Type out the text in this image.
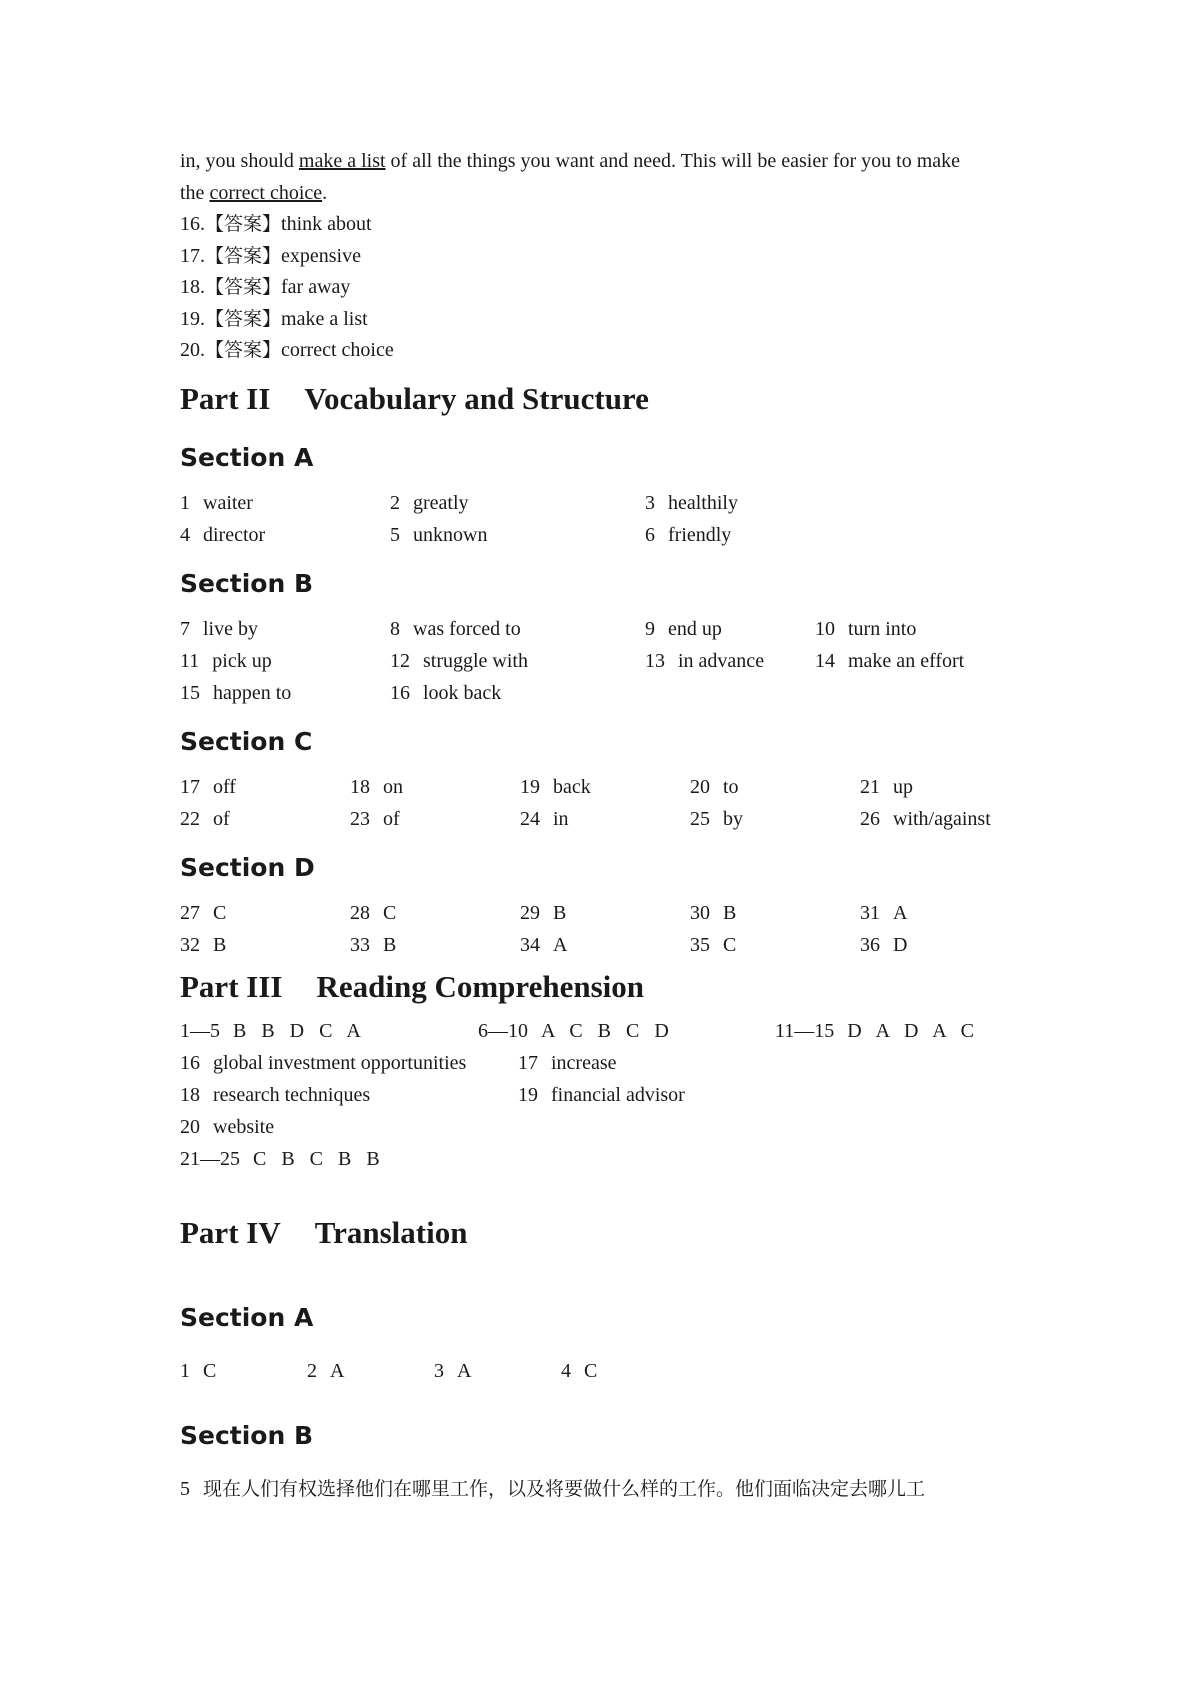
in, you should make a list of all the things you want and need. This will be easier for you to make
the correct choice.
16.【答案】think about
17.【答案】expensive
18.【答案】far away
19.【答案】make a list
20.【答案】correct choice
Part II Vocabulary and Structure
Section A
1 waiter	2 greatly	3 healthily
4 director	5 unknown	6 friendly
Section B
7 live by	8 was forced to	9 end up	10 turn into
11 pick up	12 struggle with	13 in advance	14 make an effort
15 happen to	16 look back
Section C
17 off	18 on	19 back	20 to	21 up
22 of	23 of	24 in	25 by	26 with/against
Section D
27 C	28 C	29 B	30 B	31 A
32 B	33 B	34 A	35 C	36 D
Part III Reading Comprehension
1—5 B   B   D   C   A	6—10 A   C   B   C   D	11—15 D   A   D   A   C
16 global investment opportunities	17 increase
18 research techniques	19 financial advisor
20 website
21—25 C   B   C   B   B
Part IV Translation
Section A
1 C	2 A	3 A	4 C
Section B
5 现在人们有权选择他们在哪里工作，以及将要做什么样的工作。他们面临决定去哪儿工
